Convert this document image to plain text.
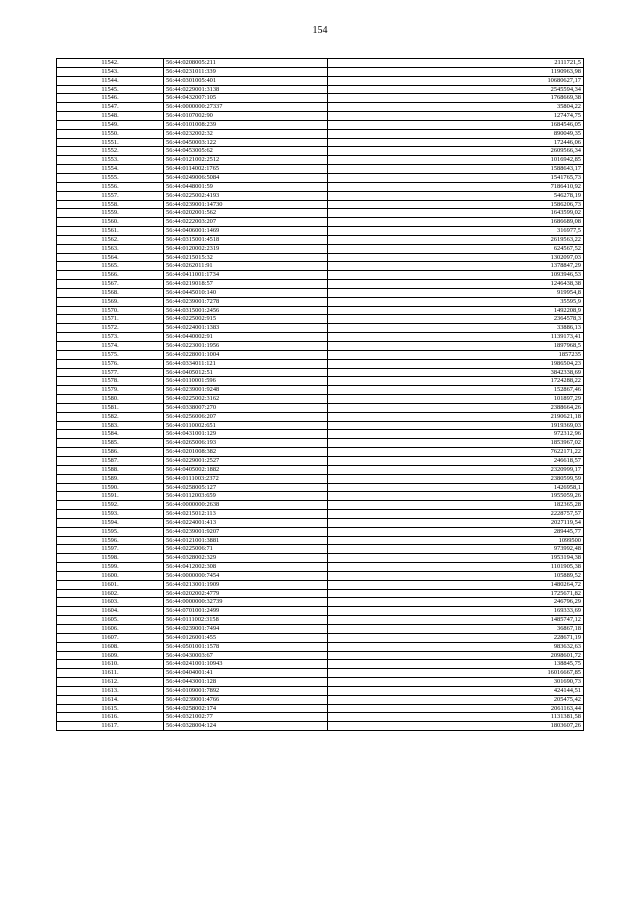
154
11542.	56:44:0208005:211	2111721,5
11543.	56:44:0231011:339	1190963,98
11544.	56:44:0301005:401	10680627,17
11545.	56:44:0229001:3138	2545594,34
11546.	56:44:0432007:105	1768669,38
11547.	56:44:0000000:27337	35804,22
11548.	56:44:0107002:90	127474,75
11549.	56:44:0101008:239	1684546,05
11550.	56:44:0232002:32	890049,35
11551.	56:44:0450003:122	172446,06
11552.	56:44:0453005:62	2609566,34
11553.	56:44:0121002:2512	1016942,85
11554.	56:44:0114002:1765	1588643,17
11555.	56:44:0249006:5084	1541765,73
11556.	56:44:0448001:59	7186410,92
11557.	56:44:0225002:4193	546278,19
11558.	56:44:0239001:14730	1586206,73
11559.	56:44:0202001:562	1643599,02
11560.	56:44:0222003:207	1686689,08
11561.	56:44:0406001:1469	316977,5
11562.	56:44:0315001:4518	2619563,22
11563.	56:44:0120002:2319	624567,52
11564.	56:44:0215015:32	1302097,03
11565.	56:44:0262011:91	1378847,29
11566.	56:44:0411001:1734	1093946,53
11567.	56:44:0219018:57	1246438,38
11568.	56:44:0445010:140	919954,8
11569.	56:44:0239001:7278	35595,9
11570.	56:44:0315001:2456	1492208,9
11571.	56:44:0225002:915	2364578,3
11572.	56:44:0224001:1383	33886,13
11573.	56:44:0440002:91	1139173,41
11574.	56:44:0223001:1956	1897968,5
11575.	56:44:0228001:1004	1857235
11576.	56:44:0334011:121	1986504,23
11577.	56:44:0405012:51	3842338,69
11578.	56:44:0110001:596	1724288,22
11579.	56:44:0239001:9248	152867,46
11580.	56:44:0225002:3162	101897,29
11581.	56:44:0338007:270	2388664,26
11582.	56:44:0256006:207	2190621,18
11583.	56:44:0110002:651	1919369,03
11584.	56:44:0431001:129	972312,96
11585.	56:44:0265006:193	1853967,02
11586.	56:44:0201008:382	7622171,22
11587.	56:44:0229001:2527	246618,57
11588.	56:44:0405002:1882	2320999,17
11589.	56:44:0111003:2372	2380599,59
11590.	56:44:0258005:127	1426958,1
11591.	56:44:0112003:659	1955059,26
11592.	56:44:0000000:2638	182365,28
11593.	56:44:0215012:113	2228757,57
11594.	56:44:0224001:413	2027119,54
11595.	56:44:0239001:9207	289445,77
11596.	56:44:0121001:3881	1099500
11597.	56:44:0225006:71	973992,48
11598.	56:44:0328002:329	1953194,38
11599.	56:44:0412002:308	1101905,38
11600.	56:44:0000000:7454	105889,52
11601.	56:44:0213001:1909	1480264,72
11602.	56:44:0202002:4779	1725671,82
11603.	56:44:0000000:32739	246796,29
11604.	56:44:0701001:2499	169333,69
11605.	56:44:0111002:3158	1485747,12
11606.	56:44:0239001:7494	36867,18
11607.	56:44:0126001:455	228671,19
11608.	56:44:0501001:1578	983632,63
11609.	56:44:0430003:67	2098601,72
11610.	56:44:0241001:10943	138845,75
11611.	56:44:0404001:41	16016667,85
11612.	56:44:0443001:128	301690,73
11613.	56:44:0109001:7892	424144,51
11614.	56:44:0239001:4766	205475,42
11615.	56:44:0258002:174	2061163,44
11616.	56:44:0321002:77	1131381,58
11617.	56:44:0328004:124	1803607,26
